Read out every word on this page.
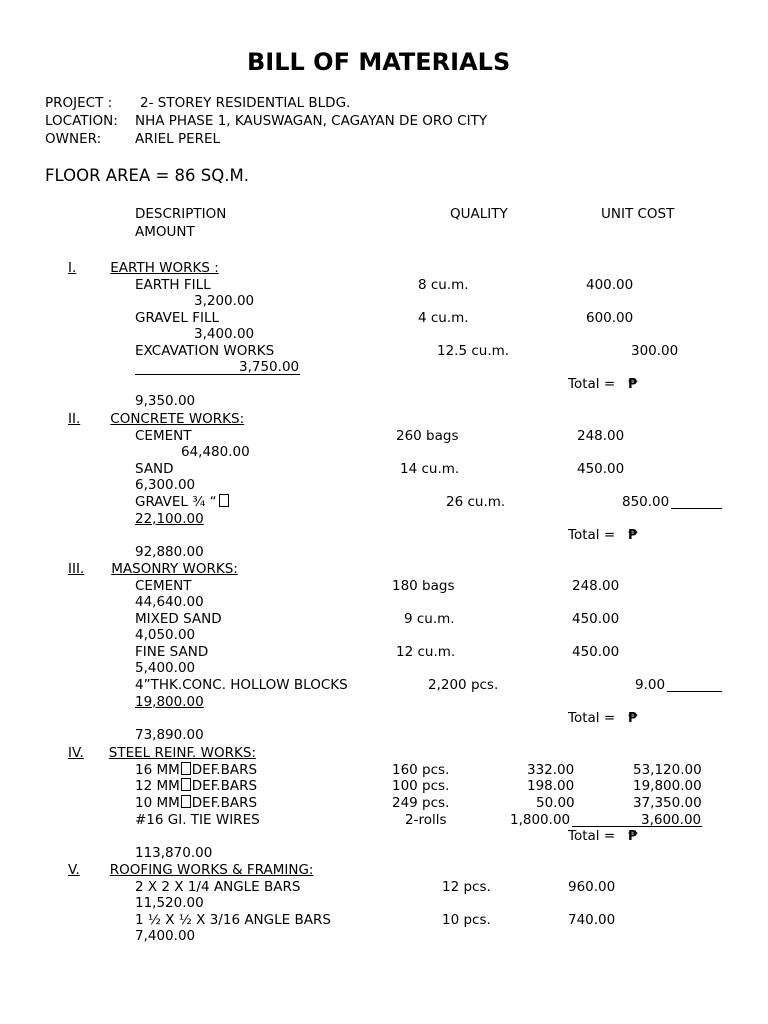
BILL OF MATERIALS
PROJECT : 2- STOREY RESIDENTIAL BLDG.
LOCATION: NHA PHASE 1, KAUSWAGAN, CAGAYAN DE ORO CITY
OWNER:	ARIEL PEREL
FLOOR AREA = 86 SQ.M.
DESCRIPTION	QUALITY	UNIT COST
AMOUNT
I.	EARTH WORKS :
EARTH FILL	8 cu.m.	400.00
3,200.00
GRAVEL FILL	4 cu.m.	600.00
3,400.00
EXCAVATION WORKS	12.5 cu.m.	300.00
3,750.00
Total = ₱
9,350.00
II. CONCRETE WORKS:
CEMENT	260 bags	248.00
64,480.00
SAND	14 cu.m.	450.00
6,300.00
GRAVEL ¾ “	26 cu.m.	850.00
22,100.00
Total = ₱
92,880.00
III. MASONRY WORKS:
CEMENT	180 bags	248.00
44,640.00
MIXED SAND	9 cu.m.	450.00
4,050.00
FINE SAND	12 cu.m.	450.00
5,400.00
4”THK.CONC. HOLLOW BLOCKS	2,200 pcs.	9.00
19,800.00
Total = ₱
73,890.00
IV. STEEL REINF. WORKS:
16 MM DEF.BARS	160 pcs.	332.00	53,120.00
12 MM DEF.BARS	100 pcs.	198.00	19,800.00
10 MM DEF.BARS	249 pcs.	50.00	37,350.00
#16 GI. TIE WIRES	2-rolls	1,800.00	3,600.00
Total = ₱
113,870.00
V. ROOFING WORKS & FRAMING:
2 X 2 X 1/4 ANGLE BARS	12 pcs.	960.00
11,520.00
1 ½ X ½ X 3/16 ANGLE BARS	10 pcs.	740.00
7,400.00
